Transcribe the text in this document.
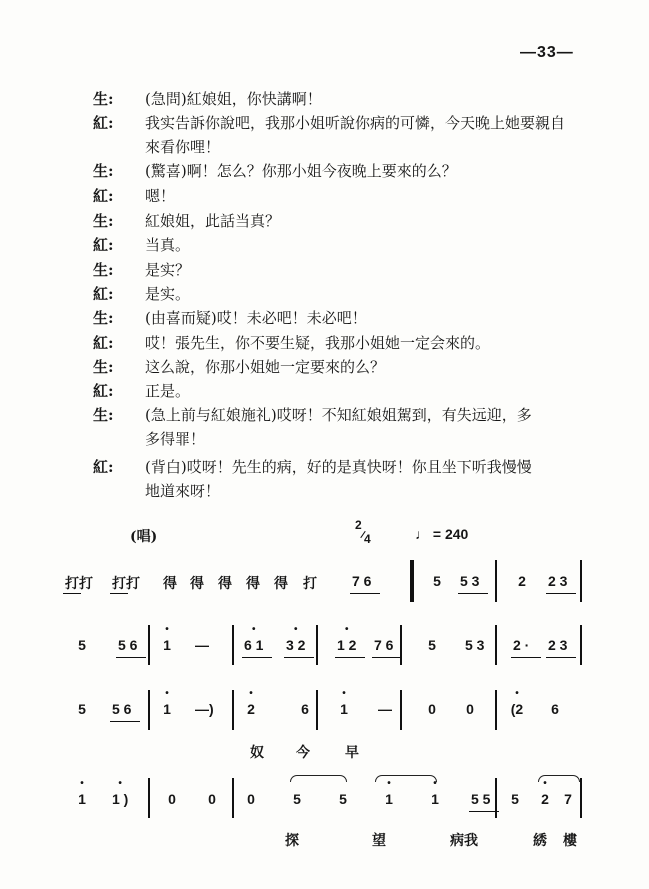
—33—
生: (急問)紅娘姐，你快講啊！
紅: 我实告訴你說吧，我那小姐听說你病的可憐，今天晚上她要親自
來看你哩！
生: (驚喜)啊！怎么？你那小姐今夜晚上要來的么？
紅: 嗯！
生: 紅娘姐，此話当真？
紅: 当真。
生: 是实？
紅: 是实。
生: (由喜而疑)哎！未必吧！未必吧！
紅: 哎！張先生，你不要生疑，我那小姐她一定会來的。
生: 这么說，你那小姐她一定要來的么？
紅: 正是。
生: (急上前与紅娘施礼)哎呀！不知紅娘姐駕到，有失远迎，多
多得罪！
紅: (背白)哎呀！先生的病，好的是真快呀！你且坐下听我慢慢
地道來呀！
(唱)
2
4	♩ = 240
打打 打打 得 得 得 得 得 打	7 6	5 5 3	2 2 3
5 5 6 • 1 —	• 6 1 • 3 2 • 1 2 7 6 5 5 3 2 · 2 3
5 5 6 • 1 —) • 2	6 • 1 —	0 0	• (2 6
奴 今	早
• 1 • 1 )	0 0 0	5	5	• 1	• 1 5 5 5 • 2 7
探	望	病我	綉 樓
